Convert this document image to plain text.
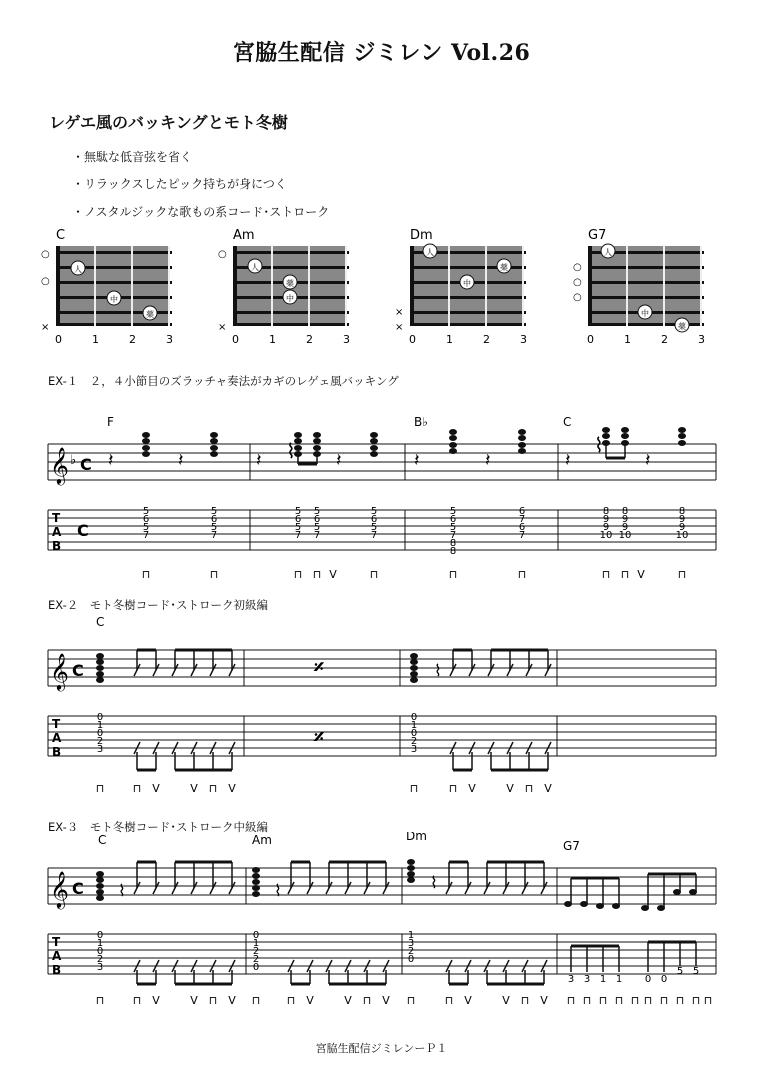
宮脇生配信 ジミレン Vol.26
レゲエ風のバッキングとモト冬樹
・無駄な低音弦を省く
・リラックスしたピック持ちが身につく
・ノスタルジックな歌もの系コード･ストローク
C
○
○
×
人
中
薬
0	1	2	3
Am
○
×
人
薬
中
0	1	2	3
Dm
×
×
人
薬
中
0	1	2	3
G7
○
○
○
人
中
薬
0	1	2	3
EX-１　２，４小節目のズラッチャ奏法がカギのレゲェ風バッキング
EX-２　モト冬樹コード･ストローク初級編
EX-３　モト冬樹コード･ストローク中級編
F	B♭	C
𝄞 ♭ C 𝄽	𝄽	𝄽	𝄽	𝄽	𝄽	𝄽	𝄽
⌇	⌇
T
A
B
C
5
6
5
7
5
6
5
7
5
6
5
7
5
6
5
7
5
6
5
7
5
6
5
7
8
8
6
7
6
7
8
9
9
10
8
9
9
10
8
9
9
10
⊓	⊓	⊓ ⊓ V	⊓	⊓	⊓	⊓ ⊓ V	⊓
C
𝄞 C	𝄎	⌇
T
A
B
0
1
0
2
3
0
1
0
2
3
𝄎
⊓	⊓ V	V ⊓ V	⊓	⊓ V	V ⊓ V
C	Am	Dm
G7
𝄞 C ⌇	⌇	⌇
T
A
B
0
1
0
2
3
0
1
2
2
0
1
3
2
0
3 3 1 1 0 0
5 5
⊓	⊓ V	V ⊓ V ⊓ ⊓ V	V ⊓ V ⊓	⊓ V	V ⊓ V ⊓ ⊓ ⊓ ⊓ ⊓ ⊓ ⊓ ⊓ ⊓ ⊓
宮脇生配信ジミレンーＰ１
